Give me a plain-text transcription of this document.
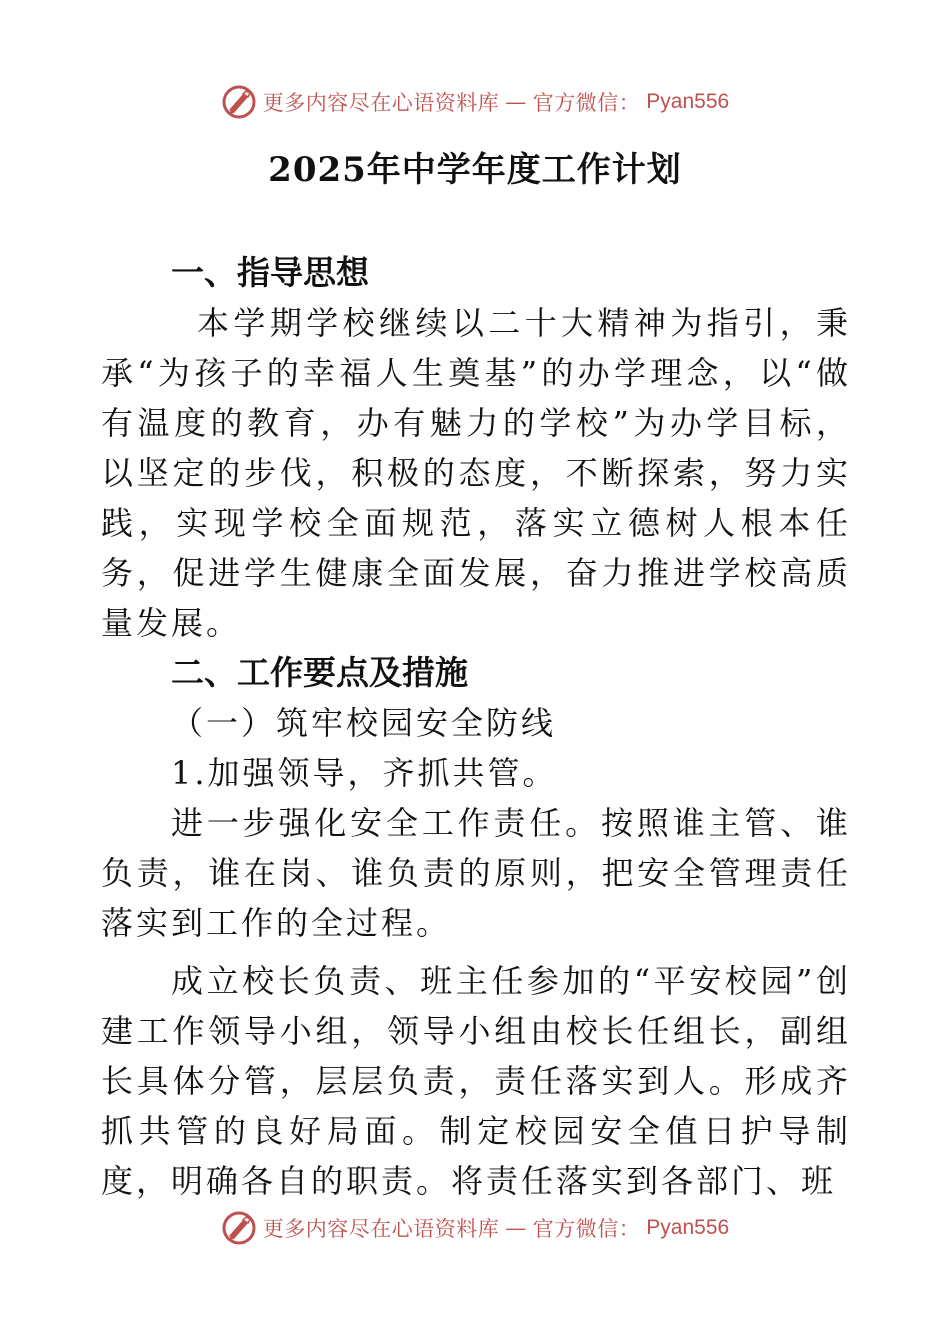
更多内容尽在心语资料库 — 官方微信： Pyan556
2025年中学年度工作计划

一、指导思想

本学期学校继续以二十大精神为指引，秉承“为孩子的幸福人生奠基”的办学理念，以“做有温度的教育，办有魅力的学校”为办学目标，以坚定的步伐，积极的态度，不断探索，努力实践，实现学校全面规范，落实立德树人根本任务，促进学生健康全面发展，奋力推进学校高质量发展。

二、工作要点及措施

（一）筑牢校园安全防线

1.加强领导，齐抓共管。

进一步强化安全工作责任。按照谁主管、谁负责，谁在岗、谁负责的原则，把安全管理责任落实到工作的全过程。

成立校长负责、班主任参加的“平安校园”创建工作领导小组，领导小组由校长任组长，副组长具体分管，层层负责，责任落实到人。形成齐抓共管的良好局面。制定校园安全值日护导制度，明确各自的职责。将责任落实到各部门、班

更多内容尽在心语资料库 — 官方微信： Pyan556
